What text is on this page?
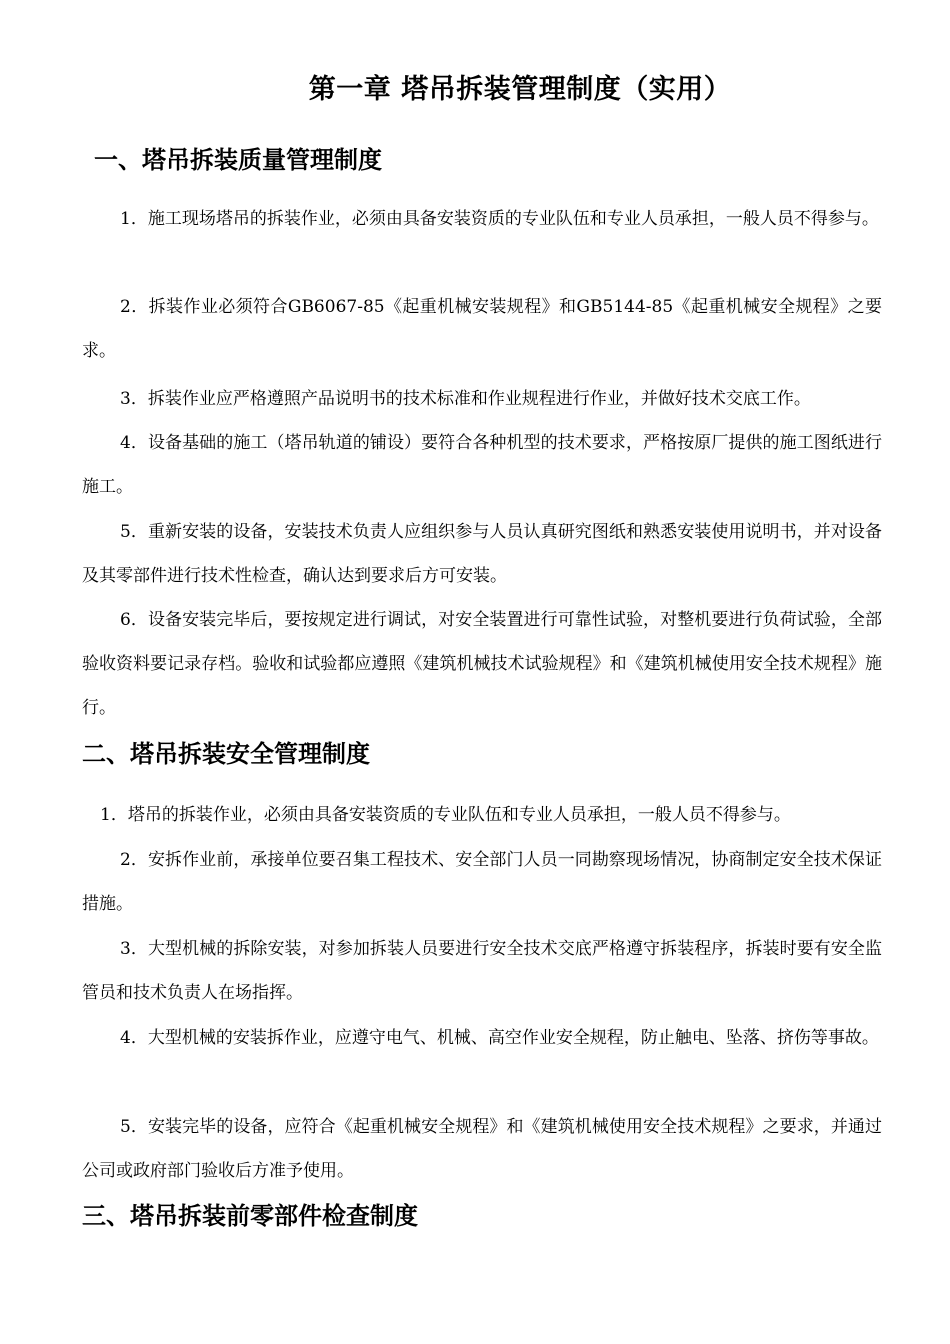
第一章 塔吊拆装管理制度（实用）
一、塔吊拆装质量管理制度

1．施工现场塔吊的拆装作业，必须由具备安装资质的专业队伍和专业人员承担，一般人员不得参与。

2．拆装作业必须符合GB6067-85《起重机械安装规程》和GB5144-85《起重机械安全规程》之要求。

3．拆装作业应严格遵照产品说明书的技术标准和作业规程进行作业，并做好技术交底工作。

4．设备基础的施工（塔吊轨道的铺设）要符合各种机型的技术要求，严格按原厂提供的施工图纸进行施工。

5．重新安装的设备，安装技术负责人应组织参与人员认真研究图纸和熟悉安装使用说明书，并对设备及其零部件进行技术性检查，确认达到要求后方可安装。

6．设备安装完毕后，要按规定进行调试，对安全装置进行可靠性试验，对整机要进行负荷试验，全部验收资料要记录存档。验收和试验都应遵照《建筑机械技术试验规程》和《建筑机械使用安全技术规程》施行。

二、塔吊拆装安全管理制度

1．塔吊的拆装作业，必须由具备安装资质的专业队伍和专业人员承担，一般人员不得参与。

2．安拆作业前，承接单位要召集工程技术、安全部门人员一同勘察现场情况，协商制定安全技术保证措施。

3．大型机械的拆除安装，对参加拆装人员要进行安全技术交底严格遵守拆装程序，拆装时要有安全监管员和技术负责人在场指挥。

4．大型机械的安装拆作业，应遵守电气、机械、高空作业安全规程，防止触电、坠落、挤伤等事故。

5．安装完毕的设备，应符合《起重机械安全规程》和《建筑机械使用安全技术规程》之要求，并通过公司或政府部门验收后方准予使用。

三、塔吊拆装前零部件检查制度
